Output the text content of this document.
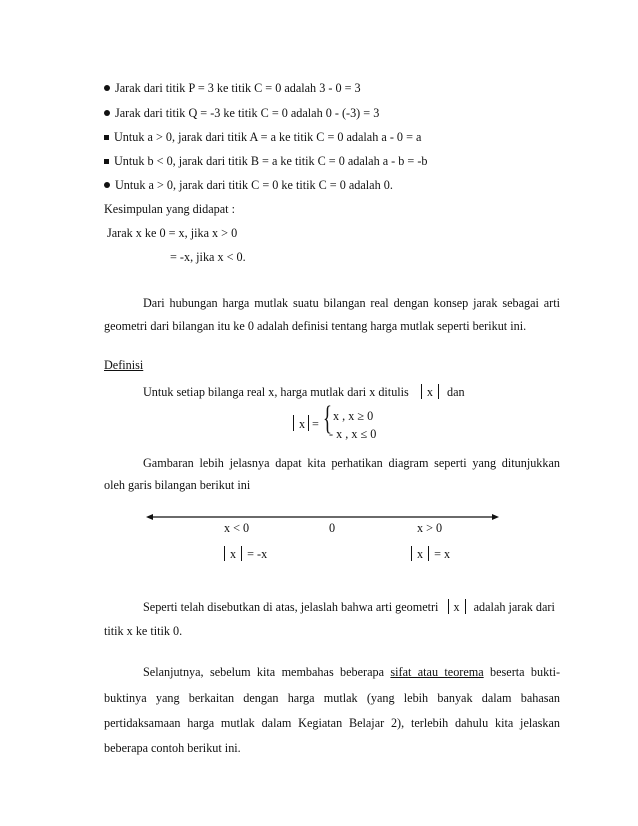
Jarak dari titik P = 3 ke titik C = 0 adalah 3 - 0 = 3
Jarak dari titik Q = -3 ke titik C = 0 adalah 0 - (-3) = 3
Untuk a > 0, jarak dari titik A = a ke titik C = 0 adalah a - 0 = a
Untuk b < 0, jarak dari titik B = a ke titik C = 0 adalah a - b = -b
Untuk a > 0, jarak dari titik C = 0 ke titik C = 0 adalah 0.
Kesimpulan yang didapat :
Jarak x ke 0 = x, jika x > 0
= -x, jika x < 0.
Dari hubungan harga mutlak suatu bilangan real dengan konsep jarak sebagai arti
geometri dari bilangan itu ke 0 adalah definisi tentang harga mutlak seperti berikut ini.
Definisi
Untuk setiap bilanga real x, harga mutlak dari x ditulis x dan
x = { x , x ≥ 0
- x , x ≤ 0
Gambaran lebih jelasnya dapat kita perhatikan diagram seperti yang ditunjukkan
oleh garis bilangan berikut ini
x < 0	0	x > 0
x = -x	x = x
Seperti telah disebutkan di atas, jelaslah bahwa arti geometri x adalah jarak dari
titik x ke titik 0.
Selanjutnya, sebelum kita membahas beberapa sifat atau teorema beserta bukti-
buktinya yang berkaitan dengan harga mutlak (yang lebih banyak dalam bahasan
pertidaksamaan harga mutlak dalam Kegiatan Belajar 2), terlebih dahulu kita jelaskan
beberapa contoh berikut ini.
